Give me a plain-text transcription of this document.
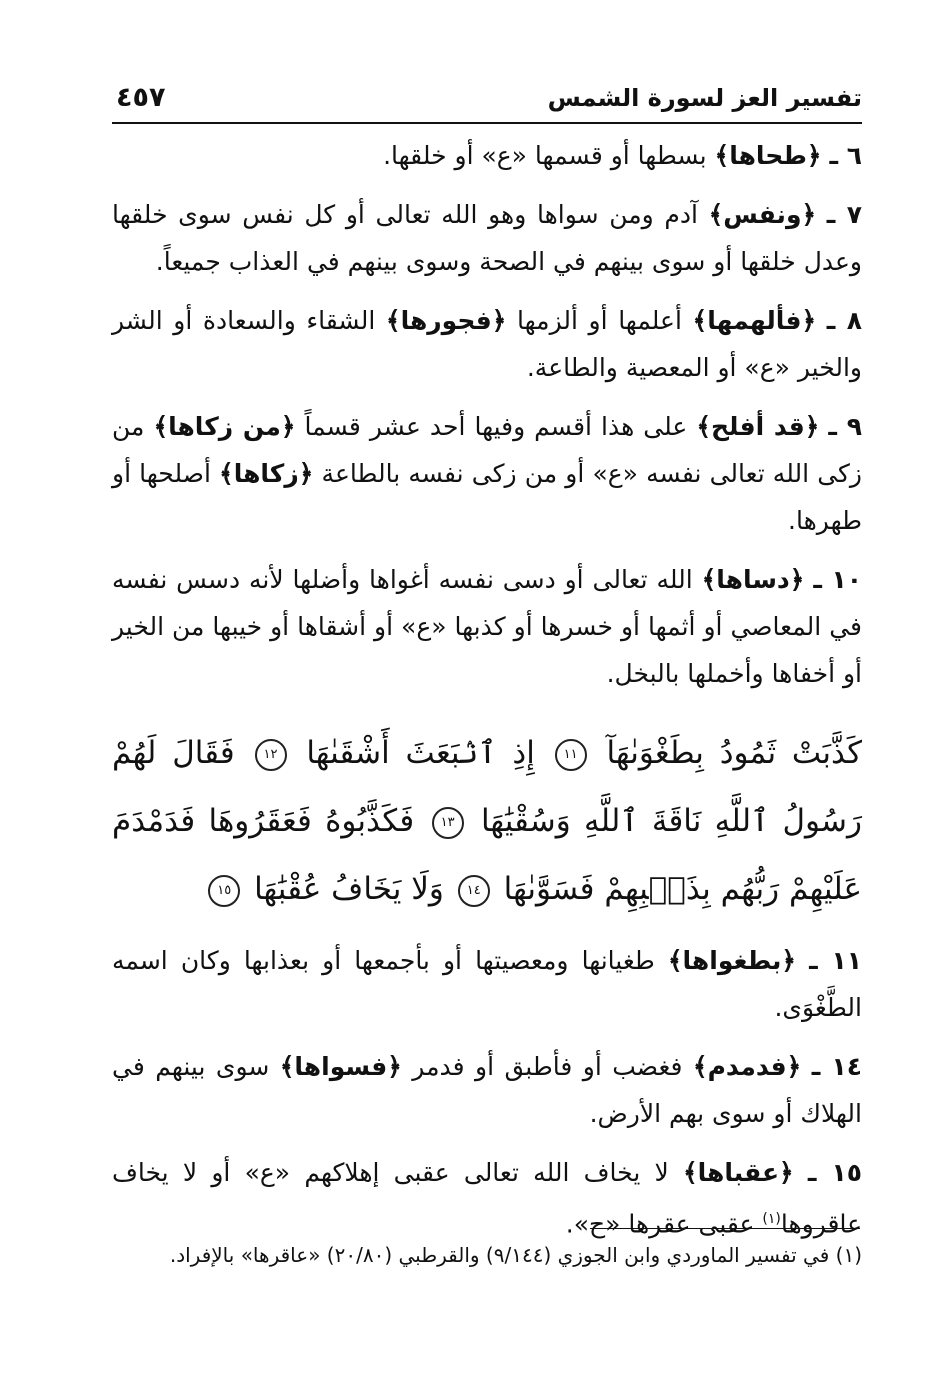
تفسير العز لسورة الشمس
٤٥٧

٦ ـ ﴿طحاها﴾ بسطها أو قسمها «ع» أو خلقها.

٧ ـ ﴿ونفس﴾ آدم ومن سواها وهو الله تعالى أو كل نفس سوى خلقها وعدل خلقها أو سوى بينهم في الصحة وسوى بينهم في العذاب جميعاً.

٨ ـ ﴿فألهمها﴾ أعلمها أو ألزمها ﴿فجورها﴾ الشقاء والسعادة أو الشر والخير «ع» أو المعصية والطاعة.

٩ ـ ﴿قد أفلح﴾ على هذا أقسم وفيها أحد عشر قسماً ﴿من زكاها﴾ من زكى الله تعالى نفسه «ع» أو من زكى نفسه بالطاعة ﴿زكاها﴾ أصلحها أو طهرها.

١٠ ـ ﴿دساها﴾ الله تعالى أو دسى نفسه أغواها وأضلها لأنه دسس نفسه في المعاصي أو أثمها أو خسرها أو كذبها «ع» أو أشقاها أو خيبها من الخير أو أخفاها وأخملها بالبخل.

كَذَّبَتْ ثَمُودُ بِطَغْوَىٰهَآ ١١ إِذِ ٱنۢبَعَثَ أَشْقَىٰهَا ١٢ فَقَالَ لَهُمْ رَسُولُ ٱللَّهِ نَاقَةَ ٱللَّهِ وَسُقْيَٰهَا ١٣ فَكَذَّبُوهُ فَعَقَرُوهَا فَدَمْدَمَ عَلَيْهِمْ رَبُّهُم بِذَنۢبِهِمْ فَسَوَّىٰهَا ١٤ وَلَا يَخَافُ عُقْبَٰهَا ١٥

١١ ـ ﴿بطغواها﴾ طغيانها ومعصيتها أو بأجمعها أو بعذابها وكان اسمه الطَّغْوَى.

١٤ ـ ﴿فدمدم﴾ فغضب أو فأطبق أو فدمر ﴿فسواها﴾ سوى بينهم في الهلاك أو سوى بهم الأرض.

١٥ ـ ﴿عقباها﴾ لا يخاف الله تعالى عقبى إهلاكهم «ع» أو لا يخاف عاقروها$^{(١)}$ عقبى عقرها «ح».

(١) في تفسير الماوردي وابن الجوزي (٩/١٤٤) والقرطبي (٢٠/٨٠) «عاقرها» بالإفراد.
